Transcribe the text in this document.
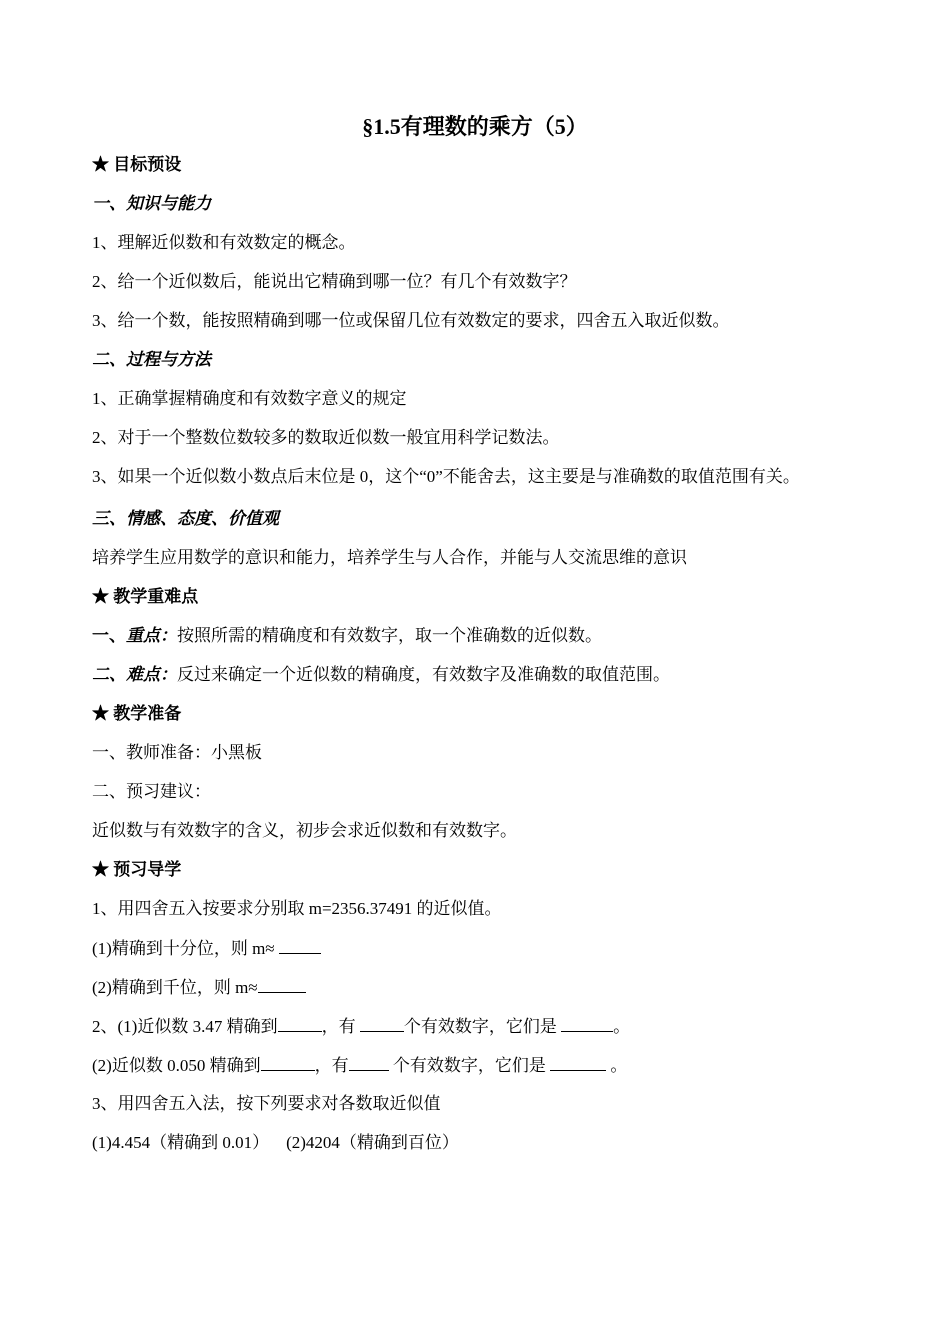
§1.5有理数的乘方（5）
★ 目标预设
一、知识与能力
1、理解近似数和有效数定的概念。
2、给一个近似数后，能说出它精确到哪一位？有几个有效数字？
3、给一个数，能按照精确到哪一位或保留几位有效数定的要求，四舍五入取近似数。
二、过程与方法
1、正确掌握精确度和有效数字意义的规定
2、对于一个整数位数较多的数取近似数一般宜用科学记数法。
3、如果一个近似数小数点后末位是 0，这个“0”不能舍去，这主要是与准确数的取值范围有关。
三、情感、态度、价值观
培养学生应用数学的意识和能力，培养学生与人合作，并能与人交流思维的意识
★ 教学重难点
一、重点：按照所需的精确度和有效数字，取一个准确数的近似数。
二、难点：反过来确定一个近似数的精确度，有效数字及准确数的取值范围。
★ 教学准备
一、教师准备：小黑板
二、预习建议：
近似数与有效数字的含义，初步会求近似数和有效数字。
★ 预习导学
1、用四舍五入按要求分别取 m=2356.37491 的近似值。
(1)精确到十分位，则 m≈
(2)精确到千位，则 m≈
2、(1)近似数 3.47 精确到	，有	个有效数字，它们是	。
(2)近似数 0.050 精确到	，有 个有效数字，它们是	。
3、用四舍五入法，按下列要求对各数取近似值
(1)4.454（精确到 0.01）    (2)4204（精确到百位）
